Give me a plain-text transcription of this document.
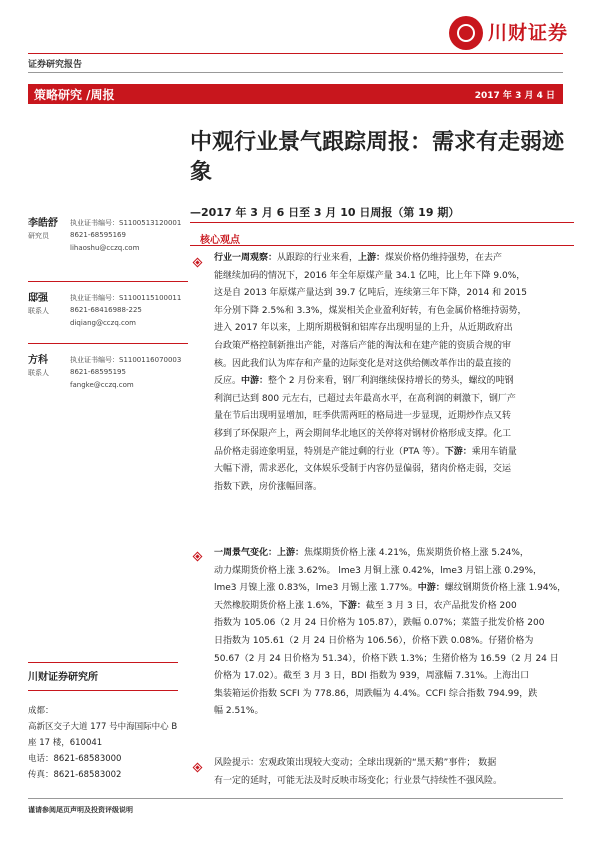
川财证券
证券研究报告
策略研究 /周报	2017 年 3 月 4 日
中观行业景气跟踪周报：需求有走弱迹象
—2017 年 3 月 6 日至 3 月 10 日周报（第 19 期）
核心观点
李皓舒
研究员
执业证书编号：S1100513120001
8621-68595169
lihaoshu@cczq.com
邸强
联系人
执业证书编号：S1100115100011
8621-68416988-225
diqiang@cczq.com
方科
联系人
执业证书编号：S1100116070003
8621-68595195
fangke@cczq.com
川财证券研究所
成都：
高新区交子大道 177 号中海国际中心 B 座 17 楼，610041
电话：8621-68583000
传真：8621-68583002
行业一周观察：从跟踪的行业来看，上游：煤炭价格仍维持强势，在去产
能继续加码的情况下，2016 年全年原煤产量 34.1 亿吨，比上年下降 9.0%，
这是自 2013 年原煤产量达到 39.7 亿吨后，连续第三年下降，2014 和 2015
年分别下降 2.5%和 3.3%，煤炭相关企业盈利好转，有色金属价格维持弱势，
进入 2017 年以来，上期所期极铜和铝库存出现明显的上升，从近期政府出
台政策严格控制新推出产能，对落后产能的淘汰和在建产能的资质合规的审
核。因此我们认为库存和产量的边际变化是对这供给侧改革作出的最直接的
反应。中游：整个 2 月份来看，钢厂利润继续保持增长的势头，螺纹的吨钢
利润已达到 800 元左右，已超过去年最高水平，在高利润的刺激下，钢厂产
量在节后出现明显增加，旺季供需两旺的格局进一步显现，近期炒作点又转
移到了环保限产上，两会期间华北地区的关停将对钢材价格形成支撑。化工
品价格走弱迹象明显，特别是产能过剩的行业（PTA 等）。下游：乘用车销量
大幅下滑，需求恶化，文体娱乐受制于内容仍显偏弱，猪肉价格走弱，交运
指数下跌，房价涨幅回落。
一周景气变化：上游：焦煤期货价格上涨 4.21%，焦炭期货价格上涨 5.24%，
动力煤期货价格上涨 3.62%。 lme3 月铜上涨 0.42%，lme3 月铝上涨 0.29%，
lme3 月镍上涨 0.83%，lme3 月锡上涨 1.77%。中游：螺纹钢期货价格上涨 1.94%，
天然橡胶期货价格上涨 1.6%，下游：截至 3 月 3 日，农产品批发价格 200
指数为 105.06（2 月 24 日价格为 105.87），跌幅 0.07%；菜篮子批发价格 200
日指数为 105.61（2 月 24 日价格为 106.56），价格下跌 0.08%。仔猪价格为
50.67（2 月 24 日价格为 51.34），价格下跌 1.3%；生猪价格为 16.59（2 月 24 日
价格为 17.02）。截至 3 月 3 日，BDI 指数为 939，周涨幅 7.31%。上海出口
集装箱运价指数 SCFI 为 778.86，周跌幅为 4.4%。CCFI 综合指数 794.99，跌
幅 2.51%。
风险提示：宏观政策出现较大变动；全球出现新的“黑天鹅”事件； 数据
有一定的延时，可能无法及时反映市场变化；行业景气持续性不强风险。
谨请参阅尾页声明及投资评级说明
